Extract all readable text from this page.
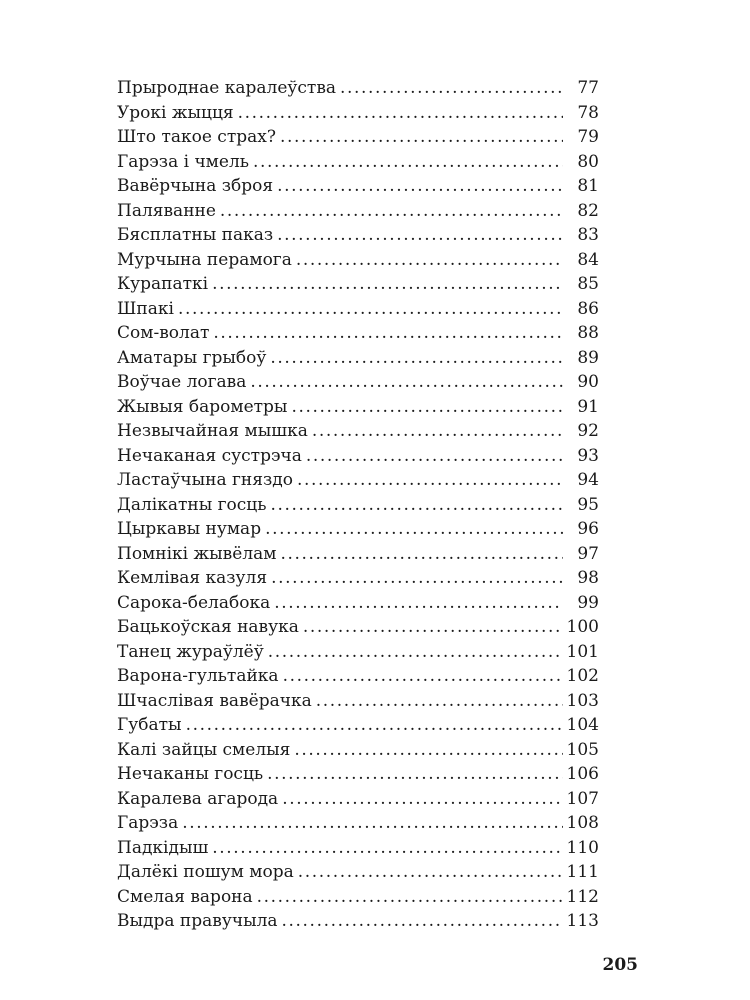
Прыроднае каралеўства .....	77
Урокі жыцця .....	78
Што такое страх? .....	79
Гарэза і чмель .....	80
Вавёрчына зброя .....	81
Паляванне .....	82
Бясплатны паказ .....	83
Мурчына перамога .....	84
Курапаткі .....	85
Шпакі .....	86
Сом-волат .....	88
Аматары грыбоў .....	89
Воўчае логава .....	90
Жывыя барометры .....	91
Незвычайная мышка .....	92
Нечаканая сустрэча .....	93
Ластаўчына гняздо .....	94
Далікатны госць .....	95
Цыркавы нумар .....	96
Помнікі жывёлам .....	97
Кемлівая казуля .....	98
Сарока-белабока .....	99
Бацькоўская навука .....	100
Танец жураўлёў .....	101
Варона-гультайка .....	102
Шчаслівая вавёрачка .....	103
Губаты .....	104
Калі зайцы смелыя .....	105
Нечаканы госць .....	106
Каралева агарода .....	107
Гарэза .....	108
Падкідыш .....	110
Далёкі пошум мора .....	111
Смелая варона .....	112
Выдра правучыла .....	113
205
